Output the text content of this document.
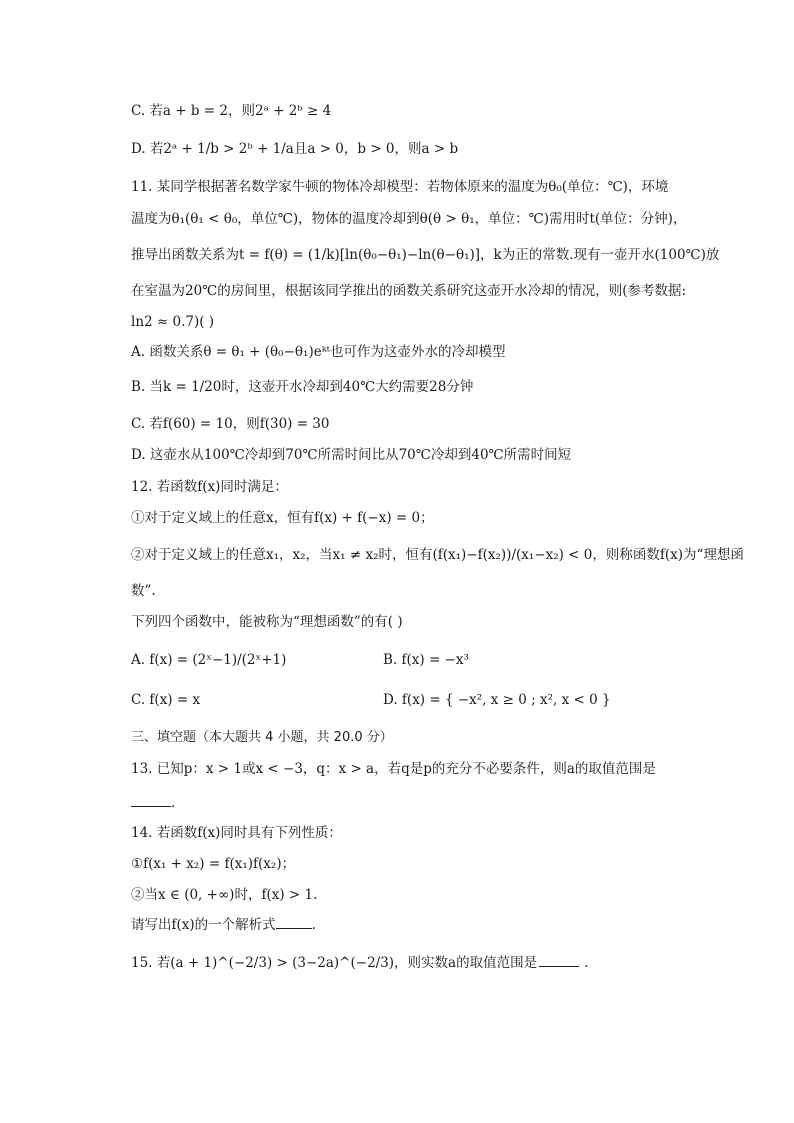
C. 若a + b = 2，则2ᵃ + 2ᵇ ≥ 4
D. 若2ᵃ + 1/b > 2ᵇ + 1/a且a > 0，b > 0，则a > b
11. 某同学根据著名数学家牛顿的物体冷却模型：若物体原来的温度为θ₀(单位：℃)，环境
温度为θ₁(θ₁ < θ₀，单位℃)，物体的温度冷却到θ(θ > θ₁，单位：℃)需用时t(单位：分钟)，
推导出函数关系为t = f(θ) = (1/k)[ln(θ₀−θ₁)−ln(θ−θ₁)]，k为正的常数.现有一壶开水(100℃)放
在室温为20℃的房间里，根据该同学推出的函数关系研究这壶开水冷却的情况，则(参考数据:
ln2 ≈ 0.7)( )
A. 函数关系θ = θ₁ + (θ₀−θ₁)eᵏᵗ也可作为这壶外水的冷却模型
B. 当k = 1/20时，这壶开水冷却到40℃大约需要28分钟
C. 若f(60) = 10，则f(30) = 30
D. 这壶水从100℃冷却到70℃所需时间比从70℃冷却到40℃所需时间短
12. 若函数f(x)同时满足：
①对于定义域上的任意x，恒有f(x) + f(−x) = 0；
②对于定义域上的任意x₁，x₂，当x₁ ≠ x₂时，恒有(f(x₁)−f(x₂))/(x₁−x₂) < 0，则称函数f(x)为“理想函
数”.
下列四个函数中，能被称为“理想函数”的有( )
A. f(x) = (2ˣ−1)/(2ˣ+1)	B. f(x) = −x³
C. f(x) = x	D. f(x) = { −x², x ≥ 0 ; x², x < 0 }
三、填空题（本大题共 4 小题，共 20.0 分）
13. 已知p：x > 1或x < −3，q：x > a，若q是p的充分不必要条件，则a的取值范围是
.
14. 若函数f(x)同时具有下列性质：
①f(x₁ + x₂) = f(x₁)f(x₂)；
②当x ∈ (0, +∞)时，f(x) > 1.
请写出f(x)的一个解析式	.
15. 若(a + 1)^(−2/3) > (3−2a)^(−2/3)，则实数a的取值范围是	.
